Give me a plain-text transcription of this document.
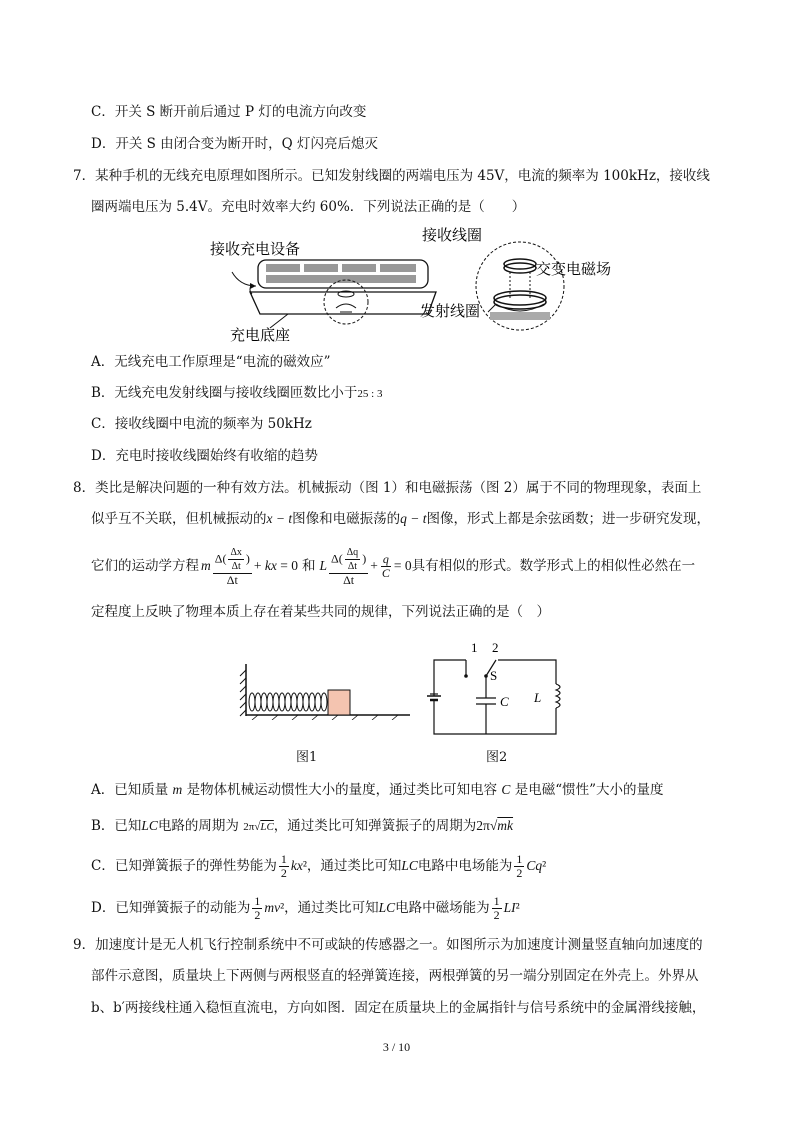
C．开关 S 断开前后通过 P 灯的电流方向改变
D．开关 S 由闭合变为断开时，Q 灯闪亮后熄灭
7．某种手机的无线充电原理如图所示。已知发射线圈的两端电压为 45V，电流的频率为 100kHz，接收线
圈两端电压为 5.4V。充电时效率大约 60%．下列说法正确的是（　　）
接收充电设备
充电底座
接收线圈
交变电磁场
发射线圈
A．无线充电工作原理是“电流的磁效应”
B．无线充电发射线圈与接收线圈匝数比小于25 : 3
C．接收线圈中电流的频率为 50kHz
D．充电时接收线圈始终有收缩的趋势
8．类比是解决问题的一种有效方法。机械振动（图 1）和电磁振荡（图 2）属于不同的物理现象，表面上
似乎互不关联，但机械振动的x − t图像和电磁振荡的q − t图像，形式上都是余弦函数；进一步研究发现，
它们的运动学方程 m $\frac{\Delta( \frac{\Delta x}{\Delta t} )}{\Delta t}$ + kx = 0 和 L $\frac{\Delta( \frac{\Delta q}{\Delta t} )}{\Delta t} + \frac{q}{C} = 0$ 具有相似的形式。数学形式上的相似性必然在一
定程度上反映了物理本质上存在着某些共同的规律，下列说法正确的是（　）
图1
1 2
S
C L
图2
A．已知质量 m 是物体机械运动惯性大小的量度，通过类比可知电容 C 是电磁“惯性”大小的量度
B．已知LC电路的周期为 2π√LC，通过类比可知弹簧振子的周期为2π√mk
C．已知弹簧振子的弹性势能为 $\frac{1}{2} kx^2$ ，通过类比可知 LC 电路中电场能为 $\frac{1}{2} Cq^2$
D．已知弹簧振子的动能为 $\frac{1}{2} mv^2$ ，通过类比可知 LC 电路中磁场能为 $\frac{1}{2} LI^2$
9．加速度计是无人机飞行控制系统中不可或缺的传感器之一。如图所示为加速度计测量竖直轴向加速度的
部件示意图，质量块上下两侧与两根竖直的轻弹簧连接，两根弹簧的另一端分别固定在外壳上。外界从
b、b′两接线柱通入稳恒直流电，方向如图．固定在质量块上的金属指针与信号系统中的金属滑线接触，
3 / 10
